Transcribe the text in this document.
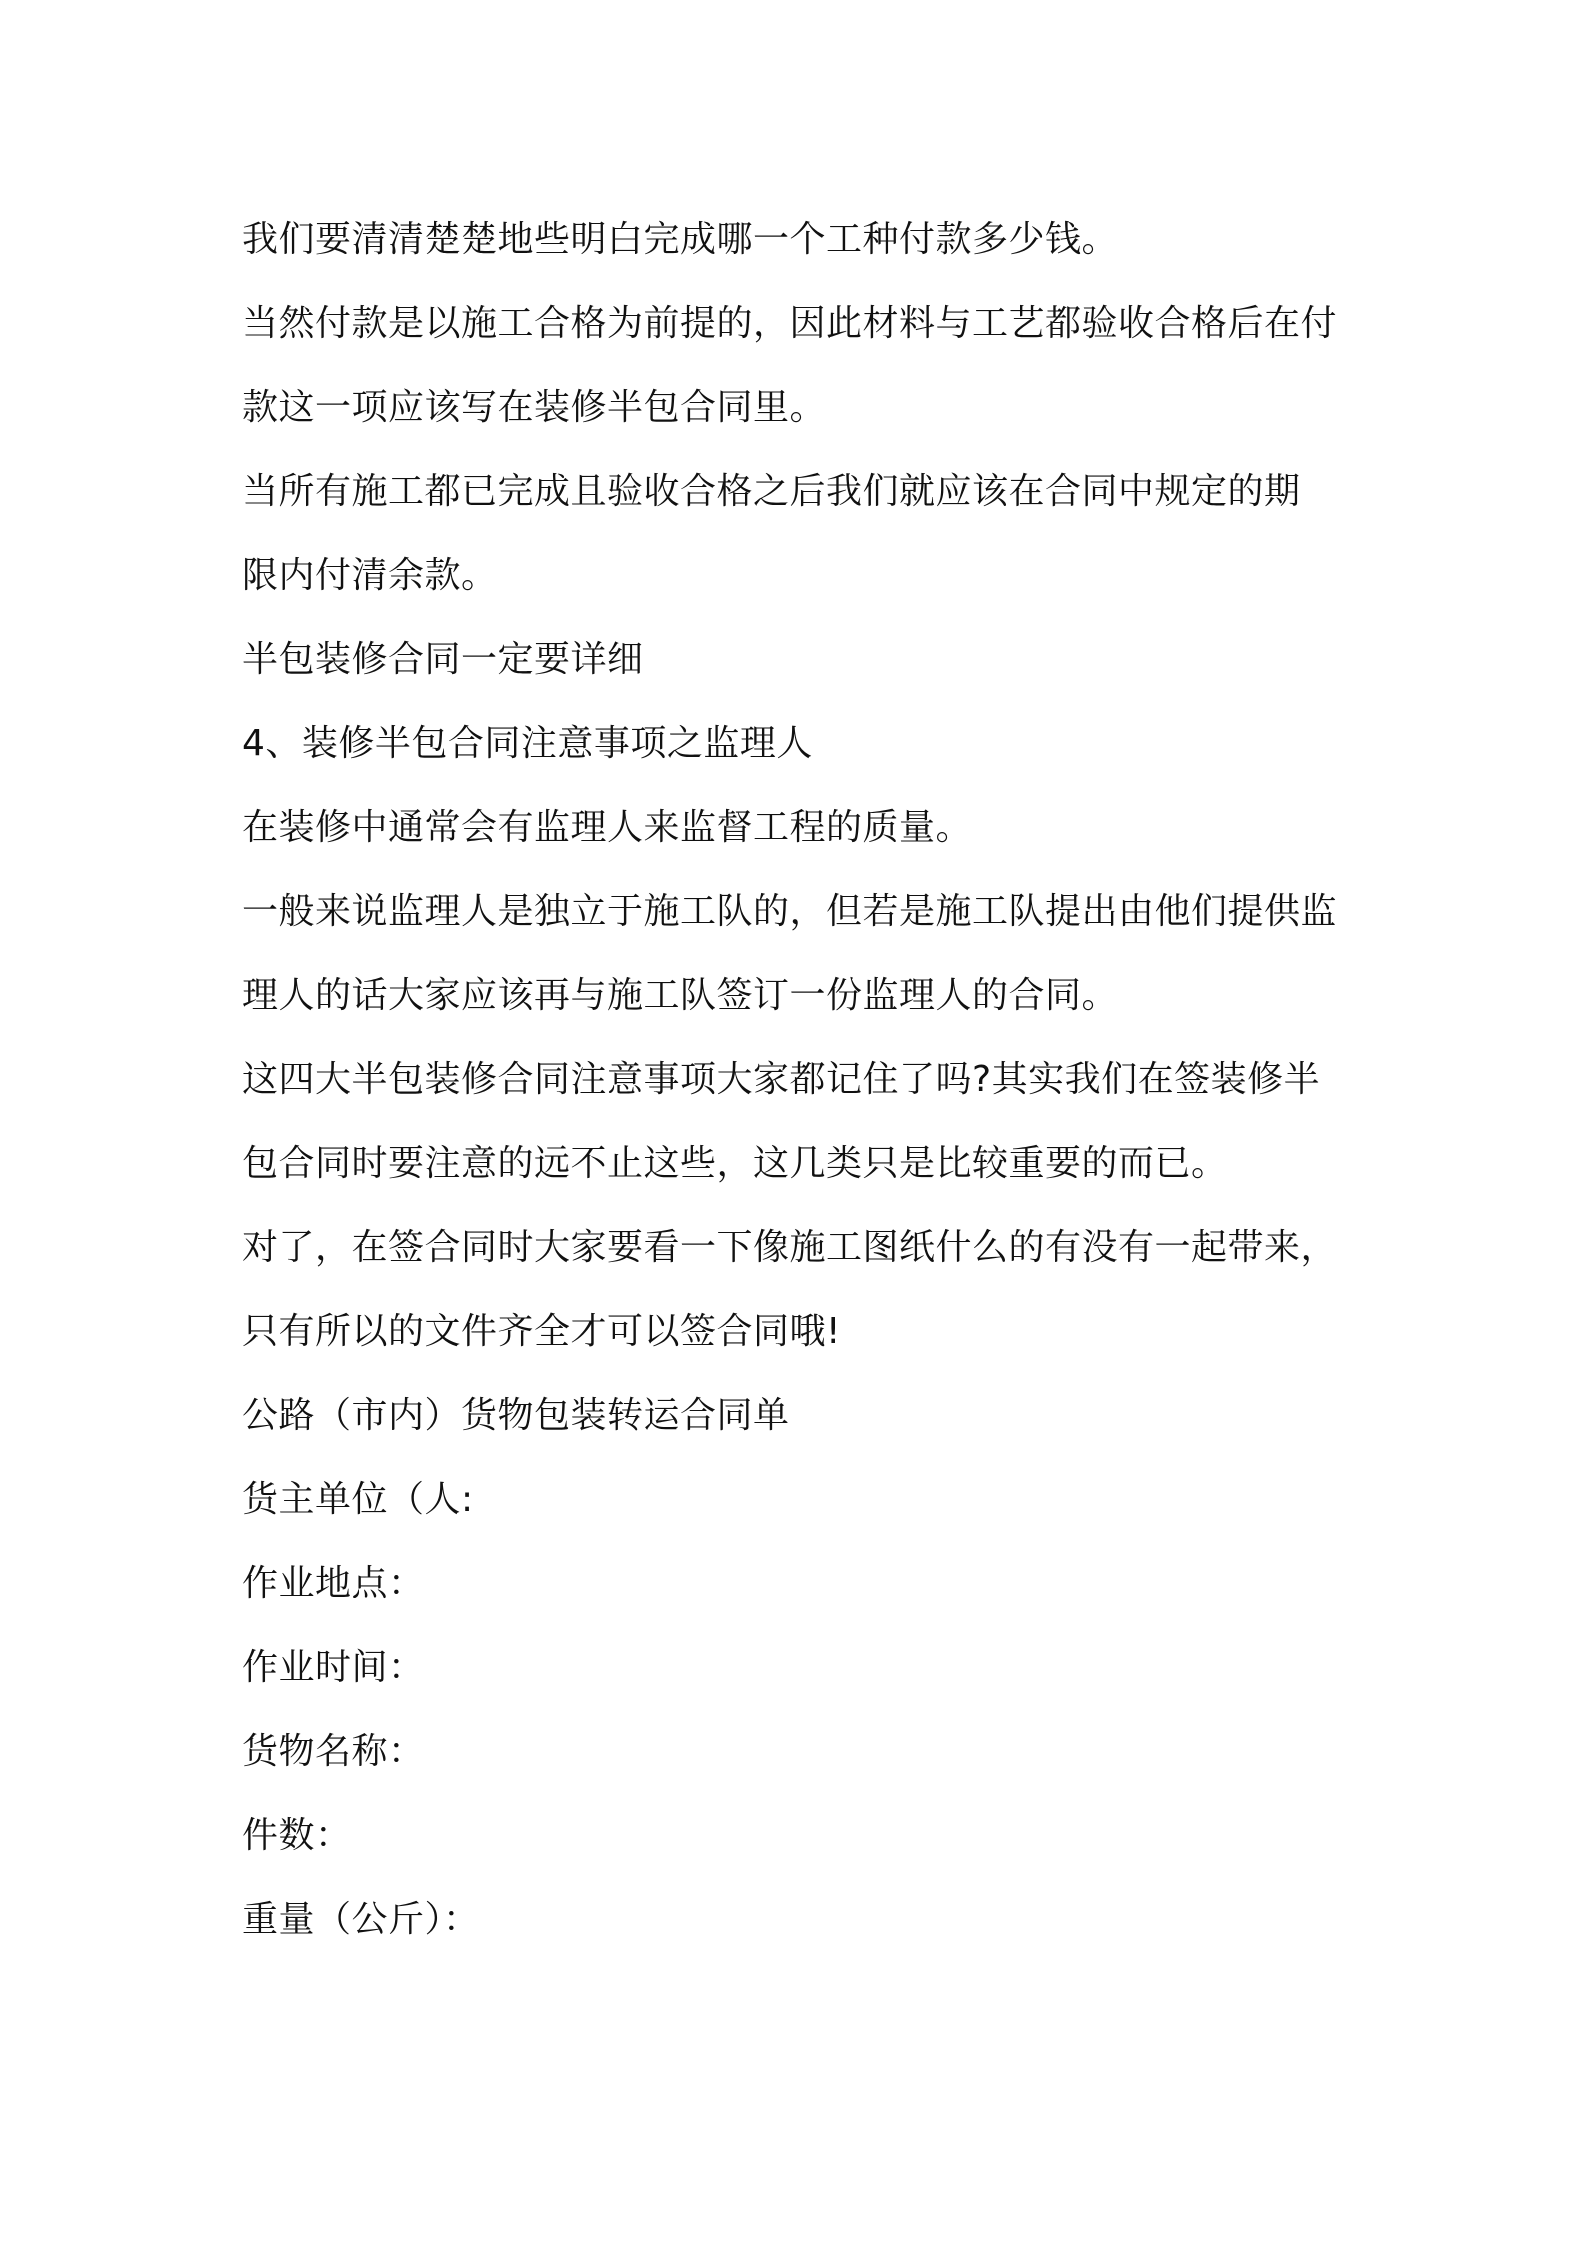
我们要清清楚楚地些明白完成哪一个工种付款多少钱。
当然付款是以施工合格为前提的，因此材料与工艺都验收合格后在付
款这一项应该写在装修半包合同里。
当所有施工都已完成且验收合格之后我们就应该在合同中规定的期
限内付清余款。
半包装修合同一定要详细
4、装修半包合同注意事项之监理人
在装修中通常会有监理人来监督工程的质量。
一般来说监理人是独立于施工队的，但若是施工队提出由他们提供监
理人的话大家应该再与施工队签订一份监理人的合同。
这四大半包装修合同注意事项大家都记住了吗?其实我们在签装修半
包合同时要注意的远不止这些，这几类只是比较重要的而已。
对了，在签合同时大家要看一下像施工图纸什么的有没有一起带来，
只有所以的文件齐全才可以签合同哦!
公路（市内）货物包装转运合同单
货主单位（人:
作业地点：
作业时间：
货物名称：
件数：
重量（公斤）：
